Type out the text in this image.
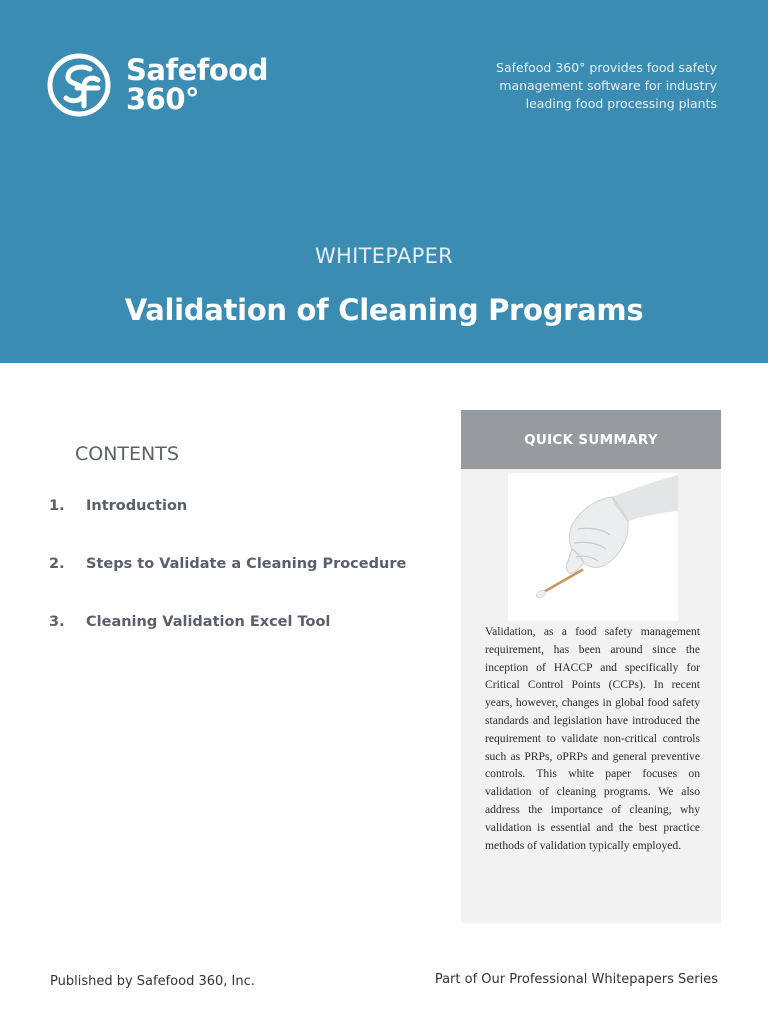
Safefood
360°
Safefood 360° provides food safety
management software for industry
leading food processing plants
WHITEPAPER
Validation of Cleaning Programs
CONTENTS
1. Introduction
2. Steps to Validate a Cleaning Procedure
3. Cleaning Validation Excel Tool
QUICK SUMMARY
Validation, as a food safety management requirement, has been around since the inception of HACCP and specifically for Critical Control Points (CCPs). In recent years, however, changes in global food safety standards and legislation have introduced the requirement to validate non-critical controls such as PRPs, oPRPs and general preventive controls. This white paper focuses on validation of cleaning programs. We also address the importance of cleaning, why validation is essential and the best practice methods of validation typically employed.
Published by Safefood 360, Inc.	Part of Our Professional Whitepapers Series
